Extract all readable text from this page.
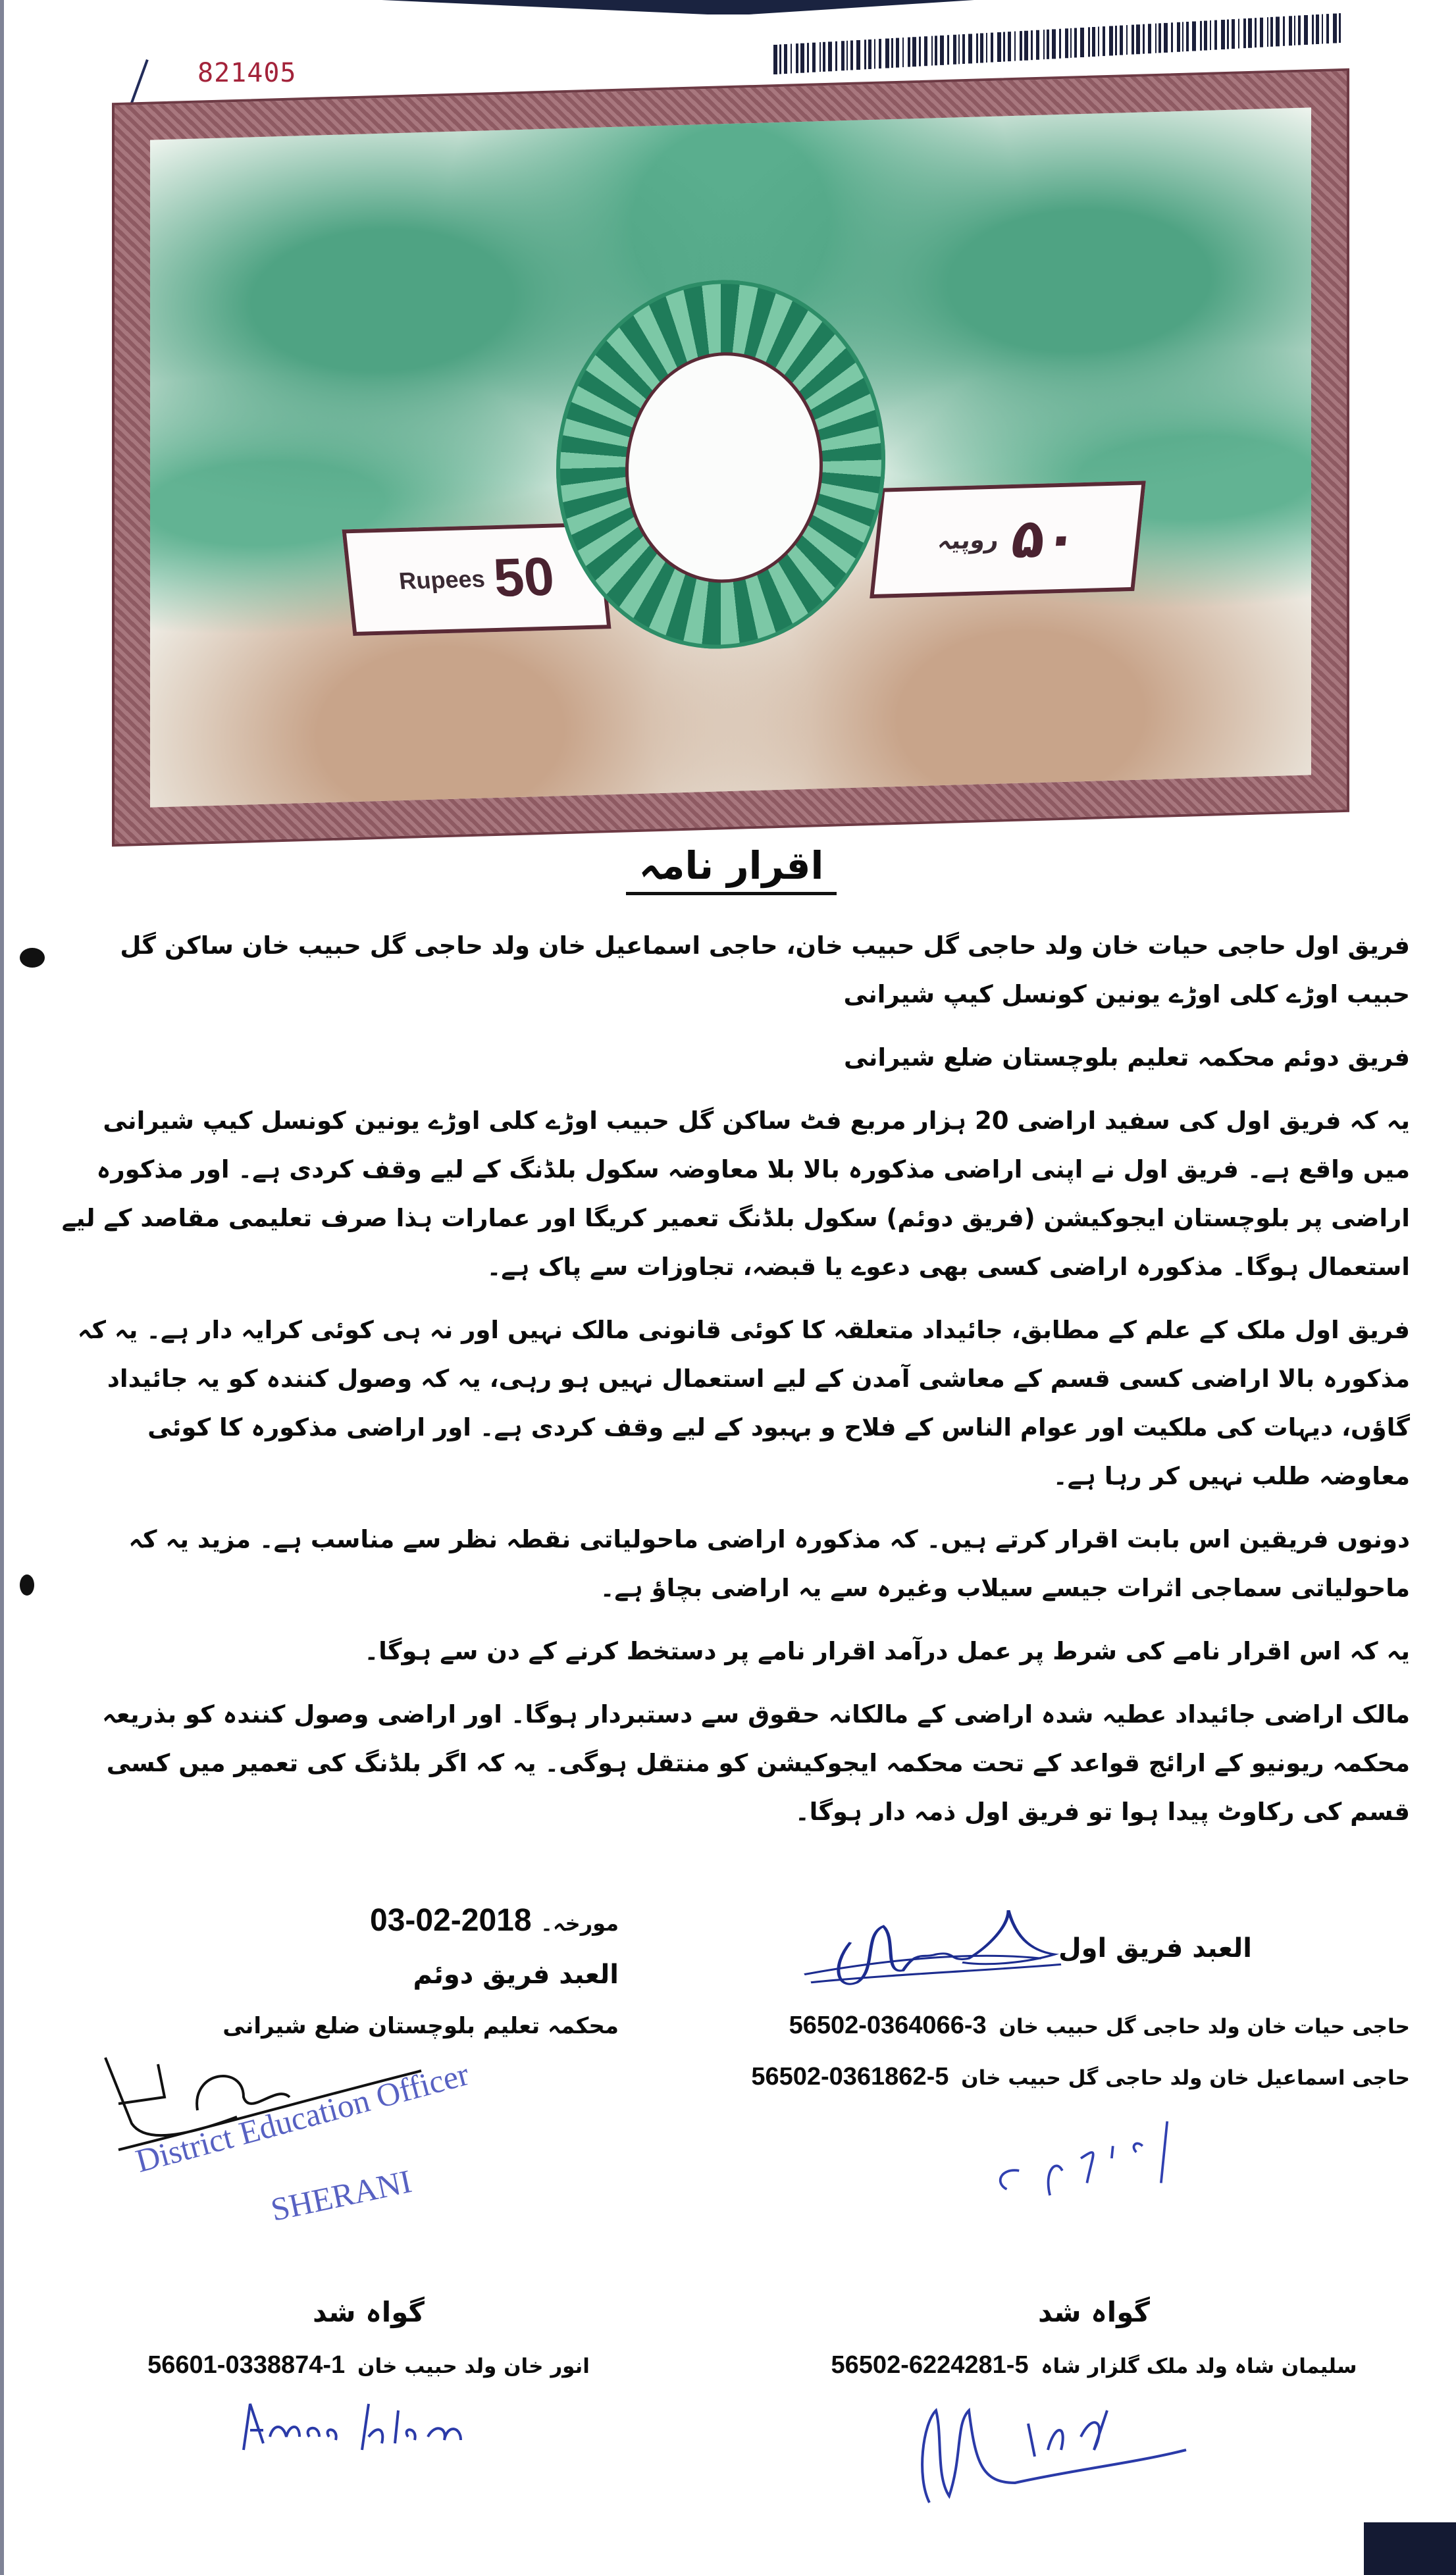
821405
Rupees 50
روپیہ ۵۰
اقرار نامہ
فریق اول حاجی حیات خان ولد حاجی گل حبیب خان، حاجی اسماعیل خان ولد حاجی گل حبیب خان ساکن گل حبیب اوڑے کلی اوڑے یونین کونسل کیپ شیرانی
فریق دوئم محکمہ تعلیم بلوچستان ضلع شیرانی
یہ کہ فریق اول کی سفید اراضی 20 ہزار مربع فٹ ساکن گل حبیب اوڑے کلی اوڑے یونین کونسل کیپ شیرانی میں واقع ہے۔ فریق اول نے اپنی اراضی مذکورہ بالا بلا معاوضہ سکول بلڈنگ کے لیے وقف کردی ہے۔ اور مذکورہ اراضی پر بلوچستان ایجوکیشن (فریق دوئم) سکول بلڈنگ تعمیر کریگا اور عمارات ہذا صرف تعلیمی مقاصد کے لیے استعمال ہوگا۔ مذکورہ اراضی کسی بھی دعوے یا قبضہ، تجاوزات سے پاک ہے۔
فریق اول ملک کے علم کے مطابق، جائیداد متعلقہ کا کوئی قانونی مالک نہیں اور نہ ہی کوئی کرایہ دار ہے۔ یہ کہ مذکورہ بالا اراضی کسی قسم کے معاشی آمدن کے لیے استعمال نہیں ہو رہی، یہ کہ وصول کنندہ کو یہ جائیداد گاؤں، دیہات کی ملکیت اور عوام الناس کے فلاح و بہبود کے لیے وقف کردی ہے۔ اور اراضی مذکورہ کا کوئی معاوضہ طلب نہیں کر رہا ہے۔
دونوں فریقین اس بابت اقرار کرتے ہیں۔ کہ مذکورہ اراضی ماحولیاتی نقطہ نظر سے مناسب ہے۔ مزید یہ کہ ماحولیاتی سماجی اثرات جیسے سیلاب وغیرہ سے یہ اراضی بچاؤ ہے۔
یہ کہ اس اقرار نامے کی شرط پر عمل درآمد اقرار نامے پر دستخط کرنے کے دن سے ہوگا۔
مالک اراضی جائیداد عطیہ شدہ اراضی کے مالکانہ حقوق سے دستبردار ہوگا۔ اور اراضی وصول کنندہ کو بذریعہ محکمہ ریونیو کے ارائج قواعد کے تحت محکمہ ایجوکیشن کو منتقل ہوگی۔ یہ کہ اگر بلڈنگ کی تعمیر میں کسی قسم کی رکاوٹ پیدا ہوا تو فریق اول ذمہ دار ہوگا۔
مورخہ۔ 03-02-2018
العبد فریق دوئم
محکمہ تعلیم بلوچستان ضلع شیرانی
District Education Officer
SHERANI
العبد فریق اول
حاجی حیات خان ولد حاجی گل حبیب خان 56502-0364066-3
حاجی اسماعیل خان ولد حاجی گل حبیب خان 56502-0361862-5
گواہ شد
انور خان ولد حبیب خان 56601-0338874-1
گواہ شد
سلیمان شاہ ولد ملک گلزار شاہ 56502-6224281-5
